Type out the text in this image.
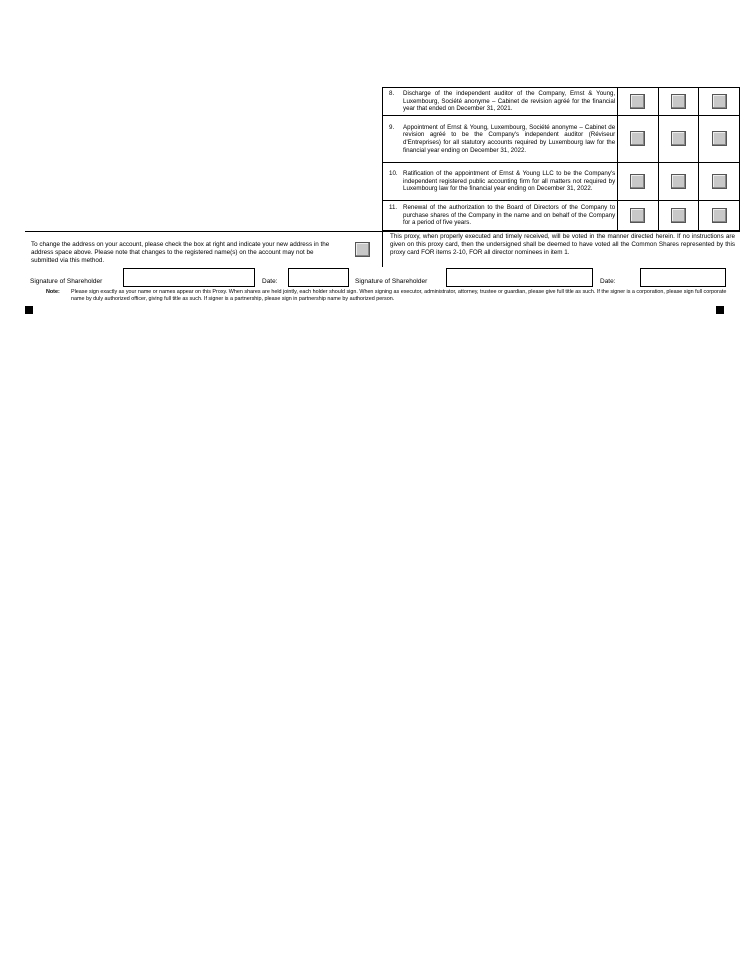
8. Discharge of the independent auditor of the Company, Ernst & Young, Luxembourg, Société anonyme – Cabinet de revision agréé for the financial year that ended on December 31, 2021.			

9. Appointment of Ernst & Young, Luxembourg, Société anonyme – Cabinet de revision agréé to be the Company's independent auditor (Réviseur d'Entreprises) for all statutory accounts required by Luxembourg law for the financial year ending on December 31, 2022.			

10. Ratification of the appointment of Ernst & Young LLC to be the Company's independent registered public accounting firm for all matters not required by Luxembourg law for the financial year ending on December 31, 2022.			

11. Renewal of the authorization to the Board of Directors of the Company to purchase shares of the Company in the name and on behalf of the Company for a period of five years.			

To change the address on your account, please check the box at right and indicate your new address in the address space above. Please note that changes to the registered name(s) on the account may not be submitted via this method.
This proxy, when properly executed and timely received, will be voted in the manner directed herein. If no instructions are given on this proxy card, then the undersigned shall be deemed to have voted all the Common Shares represented by this proxy card FOR items 2-10, FOR all director nominees in item 1.
Signature of Shareholder	Date:	Signature of Shareholder	Date:
Note: Please sign exactly as your name or names appear on this Proxy. When shares are held jointly, each holder should sign. When signing as executor, administrator, attorney, trustee or guardian, please give full title as such. If the signer is a corporation, please sign full corporate name by duly authorized officer, giving full title as such. If signer is a partnership, please sign in partnership name by authorized person.
